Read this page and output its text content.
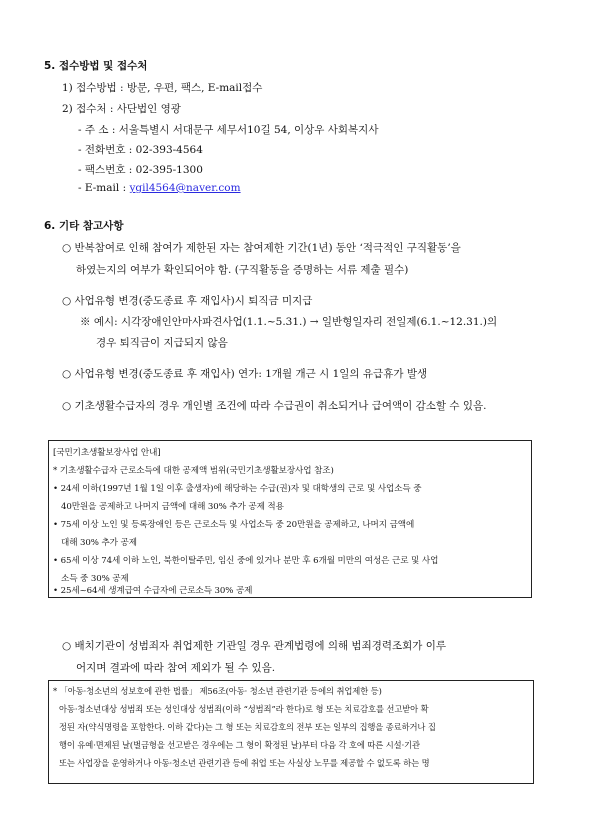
5. 접수방법 및 접수처
1) 접수방법 : 방문, 우편, 팩스, E-mail접수
2) 접수처 : 사단법인 영광
- 주 소 : 서울특별시 서대문구 세무서10길 54, 이상우 사회복지사
- 전화번호 : 02-393-4564
- 팩스번호 : 02-395-1300
- E-mail : ygil4564@naver.com
6. 기타 참고사항
○ 반복참여로 인해 참여가 제한된 자는 참여제한 기간(1년) 동안 ‘적극적인 구직활동’을
하였는지의 여부가 확인되어야 함. (구직활동을 증명하는 서류 제출 필수)
○ 사업유형 변경(중도종료 후 재입사)시 퇴직금 미지급
※ 예시: 시각장애인안마사파견사업(1.1.~5.31.) → 일반형일자리 전일제(6.1.~12.31.)의
경우 퇴직금이 지급되지 않음
○ 사업유형 변경(중도종료 후 재입사) 연가: 1개월 개근 시 1일의 유급휴가 발생
○ 기초생활수급자의 경우 개인별 조건에 따라 수급권이 취소되거나 급여액이 감소할 수 있음.
[국민기초생활보장사업 안내]
* 기초생활수급자 근로소득에 대한 공제액 범위(국민기초생활보장사업 참조)
• 24세 이하(1997년 1월 1일 이후 출생자)에 해당하는 수급(권)자 및 대학생의 근로 및 사업소득 중
40만원을 공제하고 나머지 금액에 대해 30% 추가 공제 적용
• 75세 이상 노인 및 등록장애인 등은 근로소득 및 사업소득 중 20만원을 공제하고, 나머지 금액에
대해 30% 추가 공제
• 65세 이상 74세 이하 노인, 북한이탈주민, 임신 중에 있거나 분만 후 6개월 미만의 여성은 근로 및 사업
소득 중 30% 공제
• 25세~64세 생계급여 수급자에 근로소득 30% 공제
○ 배치기관이 성범죄자 취업제한 기관일 경우 관계법령에 의해 범죄경력조회가 이루
어지며 결과에 따라 참여 제외가 될 수 있음.
* 「아동·청소년의 성보호에 관한 법률」 제56조(아동· 청소년 관련기관 등에의 취업제한 등)
아동·청소년대상 성범죄 또는 성인대상 성범죄(이하 “성범죄”라 한다)로 형 또는 치료감호를 선고받아 확
정된 자(약식명령을 포함한다. 이하 같다)는 그 형 또는 치료감호의 전부 또는 일부의 집행을 종료하거나 집
행이 유예·면제된 날(벌금형을 선고받은 경우에는 그 형이 확정된 날)부터 다음 각 호에 따른 시설·기관
또는 사업장을 운영하거나 아동·청소년 관련기관 등에 취업 또는 사실상 노무를 제공할 수 없도록 하는 명
